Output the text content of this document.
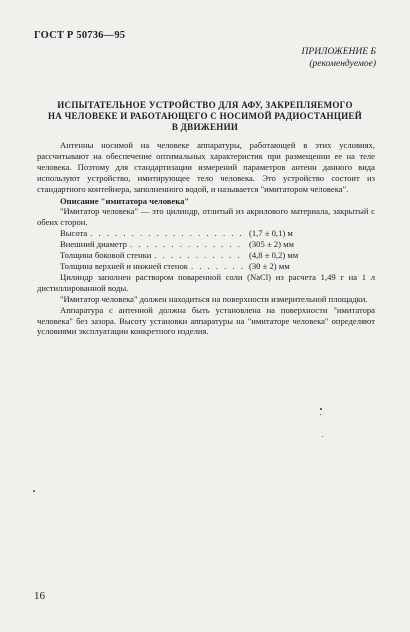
ГОСТ Р 50736—95
ПРИЛОЖЕНИЕ Б
(рекомендуемое)
ИСПЫТАТЕЛЬНОЕ УСТРОЙСТВО ДЛЯ АФУ, ЗАКРЕПЛЯЕМОГО
НА ЧЕЛОВЕКЕ И РАБОТАЮЩЕГО С НОСИМОЙ РАДИОСТАНЦИЕЙ
В ДВИЖЕНИИ

Антенны носимой на человеке аппаратуры, работающей в этих условиях, рассчитывают на обеспечение оптимальных характеристик при размещении ее на теле человека. Поэтому для стандартизации измерений параметров антенн данного вида используют устройство, имитирующее тело человека. Это устройство состоит из стандартного контейнера, заполненного водой, и называется "имитатором человека".

Описание "имитатора человека"

"Имитатор человека" — это цилиндр, отлитый из акрилового материала, закрытый с обеих сторон.

Высота . . .	(1,7 ± 0,1) м
Внешний диаметр . . .	(305 ± 2) мм
Толщина боковой стенки . . .	(4,8 ± 0,2) мм
Толщина верхней и нижней стенок . . .	(30 ± 2) мм

Цилиндр заполнен раствором поваренной соли (NaCl) из расчета 1,49 г на 1 л дистиллированной воды.

"Имитатор человека" должен находиться на поверхности измерительной площадки.

Аппаратура с антенной должна быть установлена на поверхности "имитатора человека" без зазора. Высоту установки аппаратуры на "имитаторе человека" определяют условиями эксплуатации конкретного изделия.

16
